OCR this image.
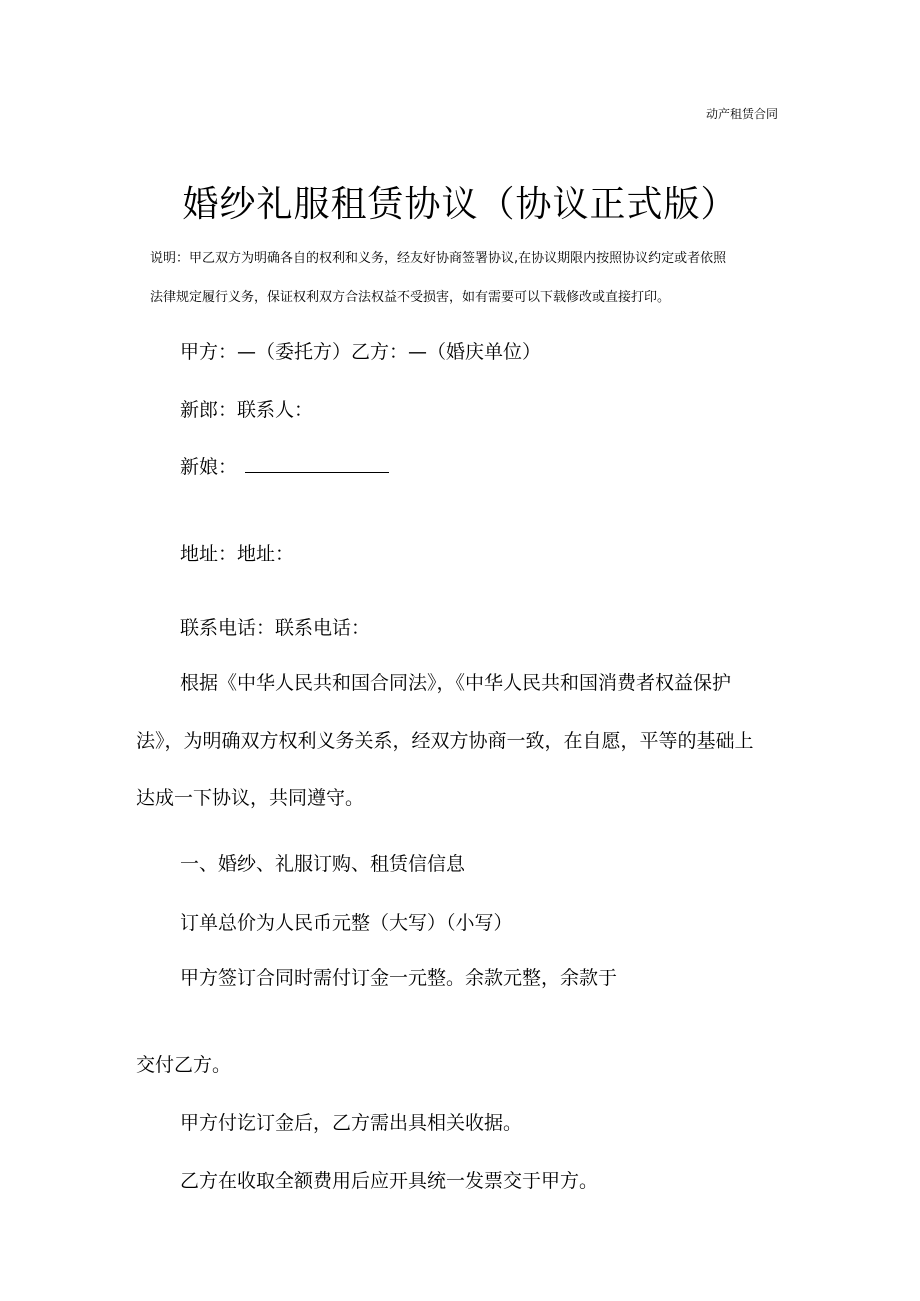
动产租赁合同
婚纱礼服租赁协议（协议正式版）
说明：甲乙双方为明确各自的权利和义务，经友好协商签署协议,在协议期限内按照协议约定或者依照
法律规定履行义务，保证权利双方合法权益不受损害，如有需要可以下载修改或直接打印。
甲方：—（委托方）乙方：—（婚庆单位）
新郎：联系人：
新娘：
地址：地址：
联系电话：联系电话：
根据《中华人民共和国合同法》，《中华人民共和国消费者权益保护
法》，为明确双方权利义务关系，经双方协商一致，在自愿，平等的基础上
达成一下协议，共同遵守。
一、婚纱、礼服订购、租赁信信息
订单总价为人民币元整（大写）（小写）
甲方签订合同时需付订金一元整。余款元整，余款于
交付乙方。
甲方付讫订金后，乙方需出具相关收据。
乙方在收取全额费用后应开具统一发票交于甲方。
